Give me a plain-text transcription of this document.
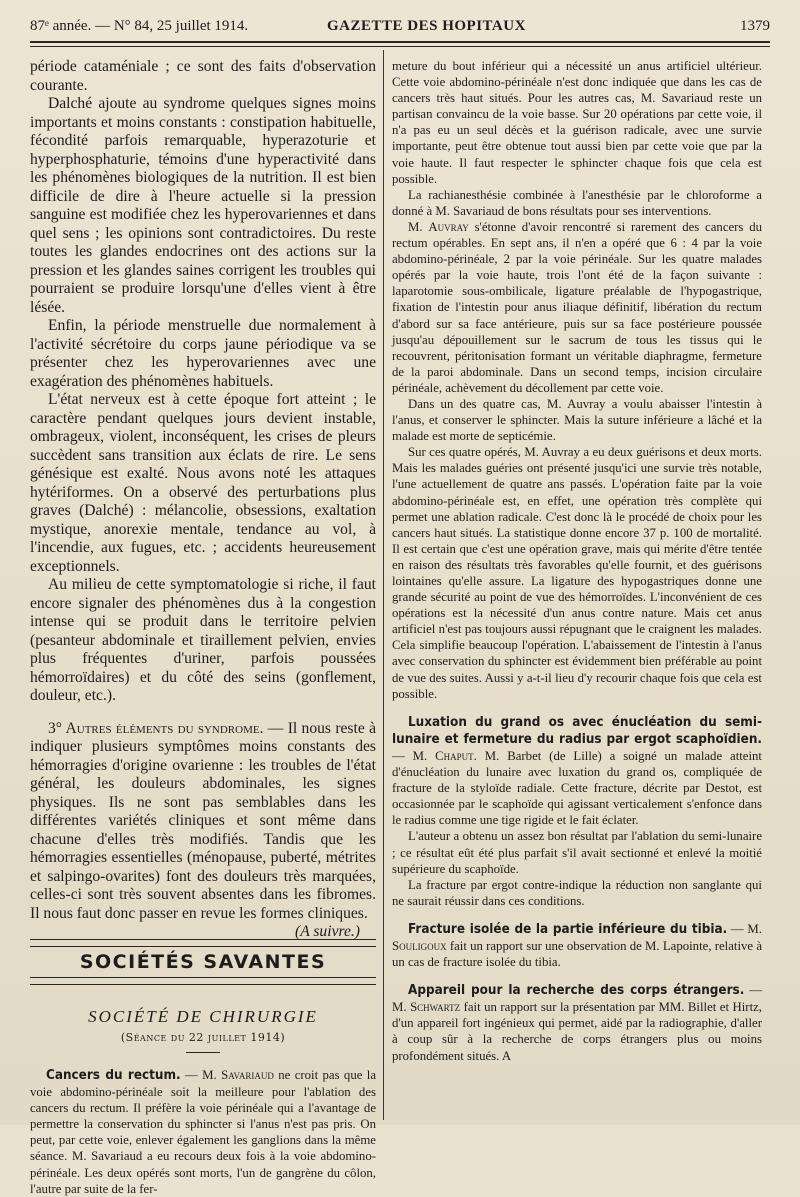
87ᵉ année. — N° 84, 25 juillet 1914.	GAZETTE DES HOPITAUX	1379

période cataméniale ; ce sont des faits d'observation courante.

Dalché ajoute au syndrome quelques signes moins importants et moins constants : constipation habituelle, fécondité parfois remarquable, hyperazoturie et hyperphosphaturie, témoins d'une hyperactivité dans les phénomènes biologiques de la nutrition. Il est bien difficile de dire à l'heure actuelle si la pression sanguine est modifiée chez les hyperovariennes et dans quel sens ; les opinions sont contradictoires. Du reste toutes les glandes endocrines ont des actions sur la pression et les glandes saines corrigent les troubles qui pourraient se produire lorsqu'une d'elles vient à être lésée.

Enfin, la période menstruelle due normalement à l'activité sécrétoire du corps jaune périodique va se présenter chez les hyperovariennes avec une exagération des phénomènes habituels.

L'état nerveux est à cette époque fort atteint ; le caractère pendant quelques jours devient instable, ombrageux, violent, inconséquent, les crises de pleurs succèdent sans transition aux éclats de rire. Le sens génésique est exalté. Nous avons noté les attaques hytériformes. On a observé des perturbations plus graves (Dalché) : mélancolie, obsessions, exaltation mystique, anorexie mentale, tendance au vol, à l'incendie, aux fugues, etc. ; accidents heureusement exceptionnels.

Au milieu de cette symptomatologie si riche, il faut encore signaler des phénomènes dus à la congestion intense qui se produit dans le territoire pelvien (pesanteur abdominale et tiraillement pelvien, envies plus fréquentes d'uriner, parfois poussées hémorroïdaires) et du côté des seins (gonflement, douleur, etc.).

3° Autres éléments du syndrome. — Il nous reste à indiquer plusieurs symptômes moins constants des hémorragies d'origine ovarienne : les troubles de l'état général, les douleurs abdominales, les signes physiques. Ils ne sont pas semblables dans les différentes variétés cliniques et sont même dans chacune d'elles très modifiés. Tandis que les hémorragies essentielles (ménopause, puberté, métrites et salpingo-ovarites) font des douleurs très marquées, celles-ci sont très souvent absentes dans les fibromes. Il nous faut donc passer en revue les formes cliniques.
(A suivre.)

SOCIÉTÉS SAVANTES
SOCIÉTÉ DE CHIRURGIE
(Séance du 22 juillet 1914)

Cancers du rectum. — M. Savariaud ne croit pas que la voie abdomino-périnéale soit la meilleure pour l'ablation des cancers du rectum. Il préfère la voie périnéale qui a l'avantage de permettre la conservation du sphincter si l'anus n'est pas pris. On peut, par cette voie, enlever également les ganglions dans la même séance. M. Savariaud a eu recours deux fois à la voie abdomino-périnéale. Les deux opérés sont morts, l'un de gangrène du côlon, l'autre par suite de la fer-

meture du bout inférieur qui a nécessité un anus artificiel ultérieur. Cette voie abdomino-périnéale n'est donc indiquée que dans les cas de cancers très haut situés. Pour les autres cas, M. Savariaud reste un partisan convaincu de la voie basse. Sur 20 opérations par cette voie, il n'a pas eu un seul décès et la guérison radicale, avec une survie importante, peut être obtenue tout aussi bien par cette voie que par la voie haute. Il faut respecter le sphincter chaque fois que cela est possible.

La rachianesthésie combinée à l'anesthésie par le chloroforme a donné à M. Savariaud de bons résultats pour ses interventions.

M. Auvray s'étonne d'avoir rencontré si rarement des cancers du rectum opérables. En sept ans, il n'en a opéré que 6 : 4 par la voie abdomino-périnéale, 2 par la voie périnéale. Sur les quatre malades opérés par la voie haute, trois l'ont été de la façon suivante : laparotomie sous-ombilicale, ligature préalable de l'hypogastrique, fixation de l'intestin pour anus iliaque définitif, libération du rectum d'abord sur sa face antérieure, puis sur sa face postérieure poussée jusqu'au dépouillement sur le sacrum de tous les tissus qui le recouvrent, péritonisation formant un véritable diaphragme, fermeture de la paroi abdominale. Dans un second temps, incision circulaire périnéale, achèvement du décollement par cette voie.

Dans un des quatre cas, M. Auvray a voulu abaisser l'intestin à l'anus, et conserver le sphincter. Mais la suture inférieure a lâché et la malade est morte de septicémie.

Sur ces quatre opérés, M. Auvray a eu deux guérisons et deux morts. Mais les malades guéries ont présenté jusqu'ici une survie très notable, l'une actuellement de quatre ans passés. L'opération faite par la voie abdomino-périnéale est, en effet, une opération très complète qui permet une ablation radicale. C'est donc là le procédé de choix pour les cancers haut situés. La statistique donne encore 37 p. 100 de mortalité. Il est certain que c'est une opération grave, mais qui mérite d'être tentée en raison des résultats très favorables qu'elle fournit, et des guérisons lointaines qu'elle assure. La ligature des hypogastriques donne une grande sécurité au point de vue des hémorroïdes. L'inconvénient de ces opérations est la nécessité d'un anus contre nature. Mais cet anus artificiel n'est pas toujours aussi répugnant que le craignent les malades. Cela simplifie beaucoup l'opération. L'abaissement de l'intestin à l'anus avec conservation du sphincter est évidemment bien préférable au point de vue des suites. Aussi y a-t-il lieu d'y recourir chaque fois que cela est possible.

Luxation du grand os avec énucléation du semi-lunaire et fermeture du radius par ergot scaphoïdien. — M. Chaput. M. Barbet (de Lille) a soigné un malade atteint d'énucléation du lunaire avec luxation du grand os, compliquée de fracture de la styloïde radiale. Cette fracture, décrite par Destot, est occasionnée par le scaphoïde qui agissant verticalement s'enfonce dans le radius comme une tige rigide et le fait éclater.

L'auteur a obtenu un assez bon résultat par l'ablation du semi-lunaire ; ce résultat eût été plus parfait s'il avait sectionné et enlevé la moitié supérieure du scaphoïde.

La fracture par ergot contre-indique la réduction non sanglante qui ne saurait réussir dans ces conditions.

Fracture isolée de la partie inférieure du tibia. — M. Souligoux fait un rapport sur une observation de M. Lapointe, relative à un cas de fracture isolée du tibia.

Appareil pour la recherche des corps étrangers. — M. Schwartz fait un rapport sur la présentation par MM. Billet et Hirtz, d'un appareil fort ingénieux qui permet, aidé par la radiographie, d'aller à coup sûr à la recherche de corps étrangers plus ou moins profondément situés. A
